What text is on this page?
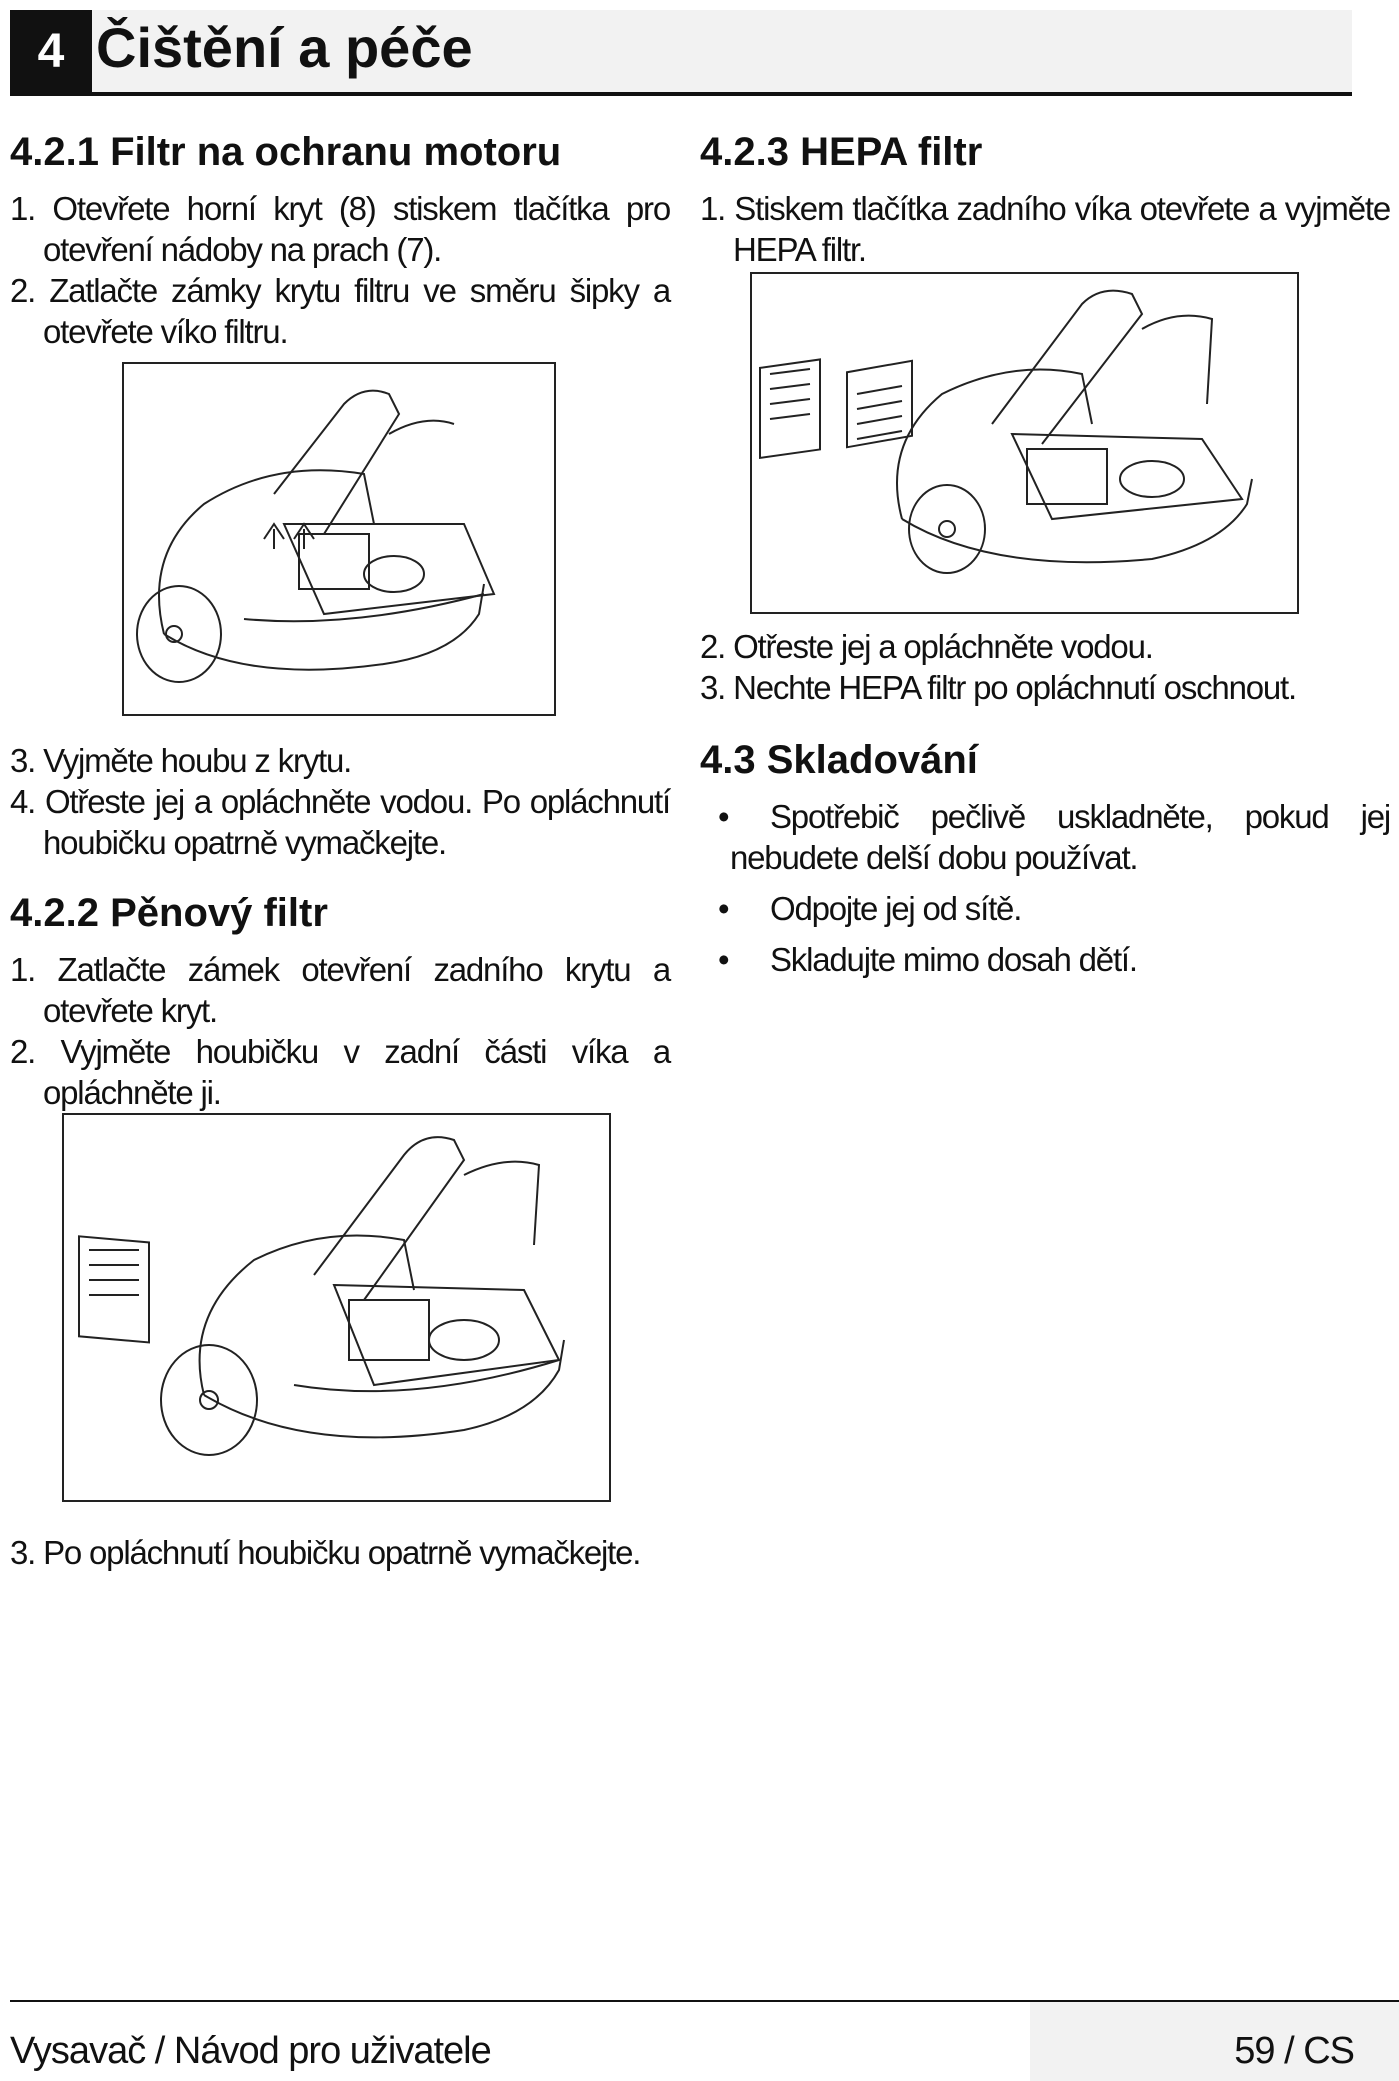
4 Čištění a péče
4.2.1 Filtr na ochranu motoru
1. Otevřete horní kryt (8) stiskem tlačítka pro otevření nádoby na prach (7).
2. Zatlačte zámky krytu filtru ve směru šipky a otevřete víko filtru.
3. Vyjměte houbu z krytu.
4. Otřeste jej a opláchněte vodou. Po opláchnutí houbičku opatrně vymačkejte.
4.2.2 Pěnový filtr
1. Zatlačte zámek otevření zadního krytu a otevřete kryt.
2. Vyjměte houbičku v zadní části víka a opláchněte ji.
3. Po opláchnutí houbičku opatrně vymačkejte.
4.2.3 HEPA filtr
1. Stiskem tlačítka zadního víka otevřete a vyjměte HEPA filtr.
2. Otřeste jej a opláchněte vodou.
3. Nechte HEPA filtr po opláchnutí oschnout.
4.3 Skladování
• Spotřebič pečlivě uskladněte, pokud jej nebudete delší dobu používat.
• Odpojte jej od sítě.
• Skladujte mimo dosah dětí.
Vysavač / Návod pro uživatele	59 / CS
